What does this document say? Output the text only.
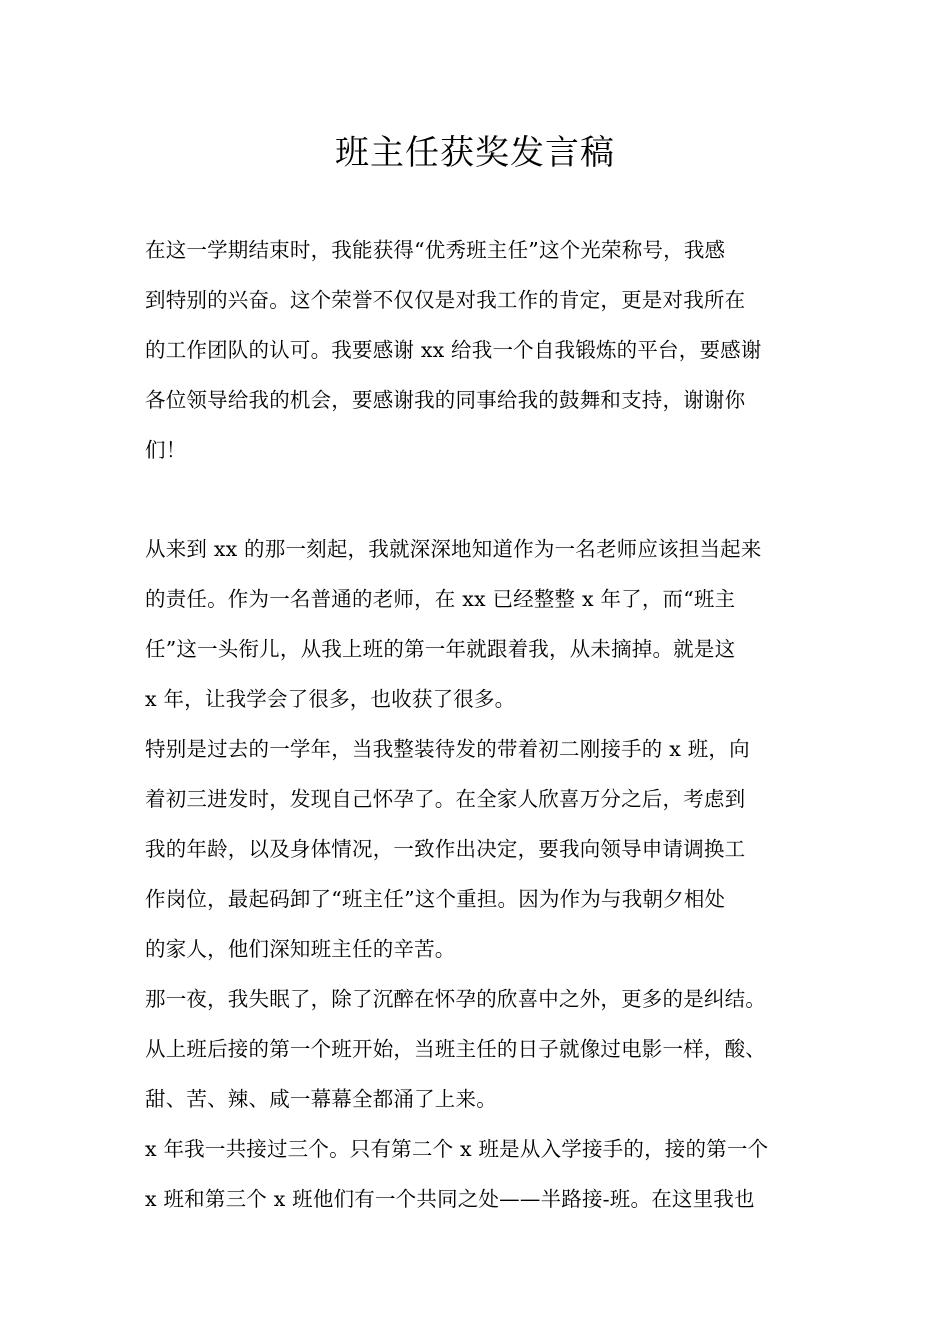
班主任获奖发言稿
在这一学期结束时，我能获得“优秀班主任”这个光荣称号，我感
到特别的兴奋。这个荣誉不仅仅是对我工作的肯定，更是对我所在
的工作团队的认可。我要感谢 xx 给我一个自我锻炼的平台，要感谢
各位领导给我的机会，要感谢我的同事给我的鼓舞和支持，谢谢你
们！
从来到 xx 的那一刻起，我就深深地知道作为一名老师应该担当起来
的责任。作为一名普通的老师，在 xx 已经整整 x 年了，而“班主
任”这一头衔儿，从我上班的第一年就跟着我，从未摘掉。就是这
x 年，让我学会了很多，也收获了很多。
特别是过去的一学年，当我整装待发的带着初二刚接手的 x 班，向
着初三进发时，发现自己怀孕了。在全家人欣喜万分之后，考虑到
我的年龄，以及身体情况，一致作出决定，要我向领导申请调换工
作岗位，最起码卸了“班主任”这个重担。因为作为与我朝夕相处
的家人，他们深知班主任的辛苦。
那一夜，我失眠了，除了沉醉在怀孕的欣喜中之外，更多的是纠结。
从上班后接的第一个班开始，当班主任的日子就像过电影一样，酸、
甜、苦、辣、咸一幕幕全都涌了上来。
x 年我一共接过三个。只有第二个 x 班是从入学接手的，接的第一个
x 班和第三个 x 班他们有一个共同之处——半路接-班。在这里我也
